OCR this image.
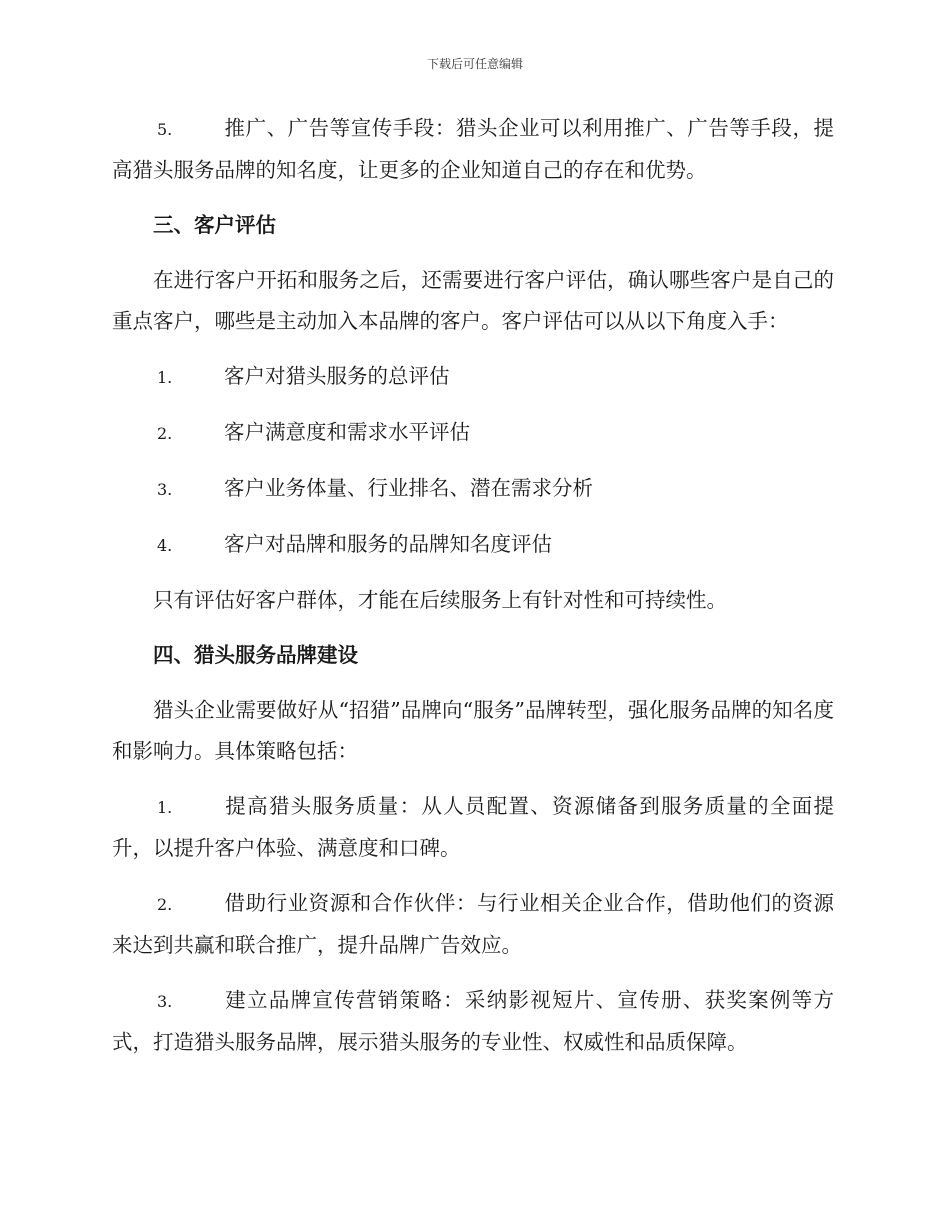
下载后可任意编辑

5.	推广、广告等宣传手段：猎头企业可以利用推广、广告等手段，提高猎头服务品牌的知名度，让更多的企业知道自己的存在和优势。

三、客户评估

在进行客户开拓和服务之后，还需要进行客户评估，确认哪些客户是自己的重点客户，哪些是主动加入本品牌的客户。客户评估可以从以下角度入手：

1.	客户对猎头服务的总评估

2.	客户满意度和需求水平评估

3.	客户业务体量、行业排名、潜在需求分析

4.	客户对品牌和服务的品牌知名度评估

只有评估好客户群体，才能在后续服务上有针对性和可持续性。

四、猎头服务品牌建设

猎头企业需要做好从“招猎”品牌向“服务”品牌转型，强化服务品牌的知名度和影响力。具体策略包括：

1.	提高猎头服务质量：从人员配置、资源储备到服务质量的全面提升，以提升客户体验、满意度和口碑。

2.	借助行业资源和合作伙伴：与行业相关企业合作，借助他们的资源来达到共赢和联合推广，提升品牌广告效应。

3.	建立品牌宣传营销策略：采纳影视短片、宣传册、获奖案例等方式，打造猎头服务品牌，展示猎头服务的专业性、权威性和品质保障。
